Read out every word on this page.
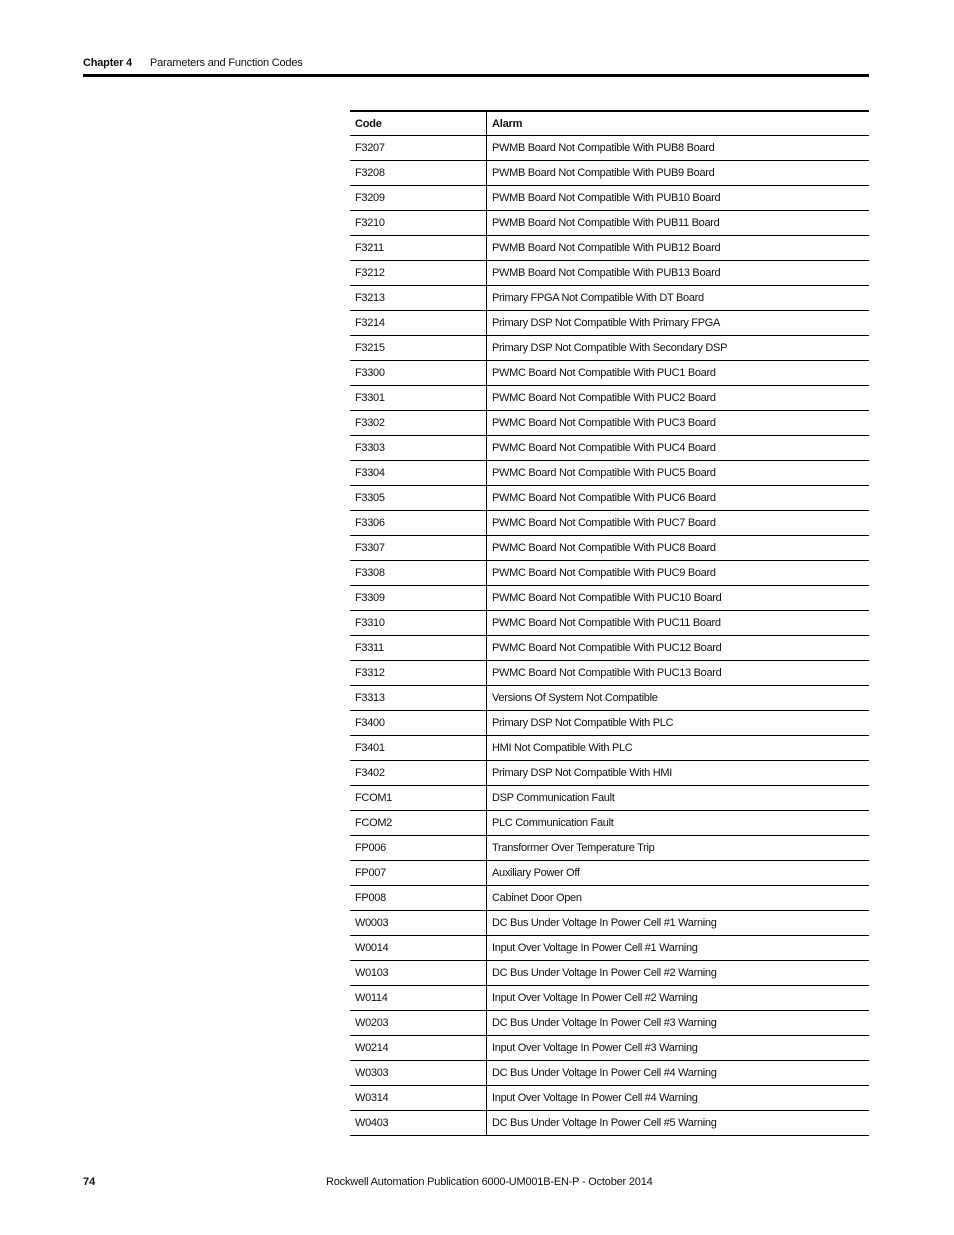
Chapter 4	Parameters and Function Codes
Code	Alarm
F3207	PWMB Board Not Compatible With PUB8 Board
F3208	PWMB Board Not Compatible With PUB9 Board
F3209	PWMB Board Not Compatible With PUB10 Board
F3210	PWMB Board Not Compatible With PUB11 Board
F3211	PWMB Board Not Compatible With PUB12 Board
F3212	PWMB Board Not Compatible With PUB13 Board
F3213	Primary FPGA Not Compatible With DT Board
F3214	Primary DSP Not Compatible With Primary FPGA
F3215	Primary DSP Not Compatible With Secondary DSP
F3300	PWMC Board Not Compatible With PUC1 Board
F3301	PWMC Board Not Compatible With PUC2 Board
F3302	PWMC Board Not Compatible With PUC3 Board
F3303	PWMC Board Not Compatible With PUC4 Board
F3304	PWMC Board Not Compatible With PUC5 Board
F3305	PWMC Board Not Compatible With PUC6 Board
F3306	PWMC Board Not Compatible With PUC7 Board
F3307	PWMC Board Not Compatible With PUC8 Board
F3308	PWMC Board Not Compatible With PUC9 Board
F3309	PWMC Board Not Compatible With PUC10 Board
F3310	PWMC Board Not Compatible With PUC11 Board
F3311	PWMC Board Not Compatible With PUC12 Board
F3312	PWMC Board Not Compatible With PUC13 Board
F3313	Versions Of System Not Compatible
F3400	Primary DSP Not Compatible With PLC
F3401	HMI Not Compatible With PLC
F3402	Primary DSP Not Compatible With HMI
FCOM1	DSP Communication Fault
FCOM2	PLC Communication Fault
FP006	Transformer Over Temperature Trip
FP007	Auxiliary Power Off
FP008	Cabinet Door Open
W0003	DC Bus Under Voltage In Power Cell #1 Warning
W0014	Input Over Voltage In Power Cell #1 Warning
W0103	DC Bus Under Voltage In Power Cell #2 Warning
W0114	Input Over Voltage In Power Cell #2 Warning
W0203	DC Bus Under Voltage In Power Cell #3 Warning
W0214	Input Over Voltage In Power Cell #3 Warning
W0303	DC Bus Under Voltage In Power Cell #4 Warning
W0314	Input Over Voltage In Power Cell #4 Warning
W0403	DC Bus Under Voltage In Power Cell #5 Warning
74	Rockwell Automation Publication 6000-UM001B-EN-P - October 2014
